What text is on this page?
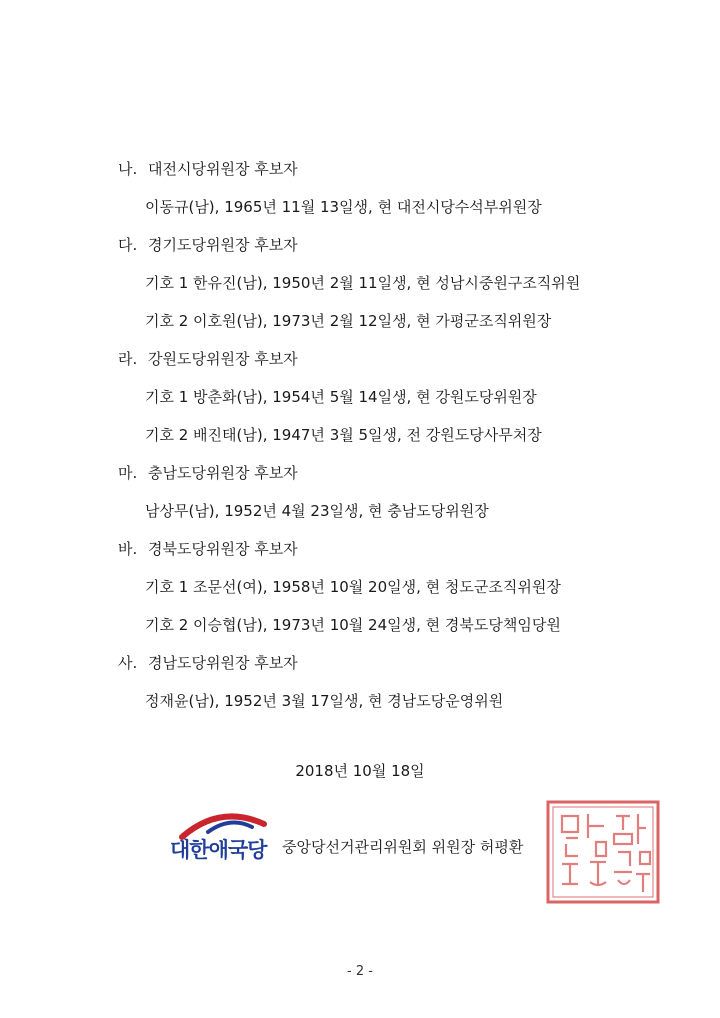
나. 대전시당위원장 후보자
이동규(남), 1965년 11월 13일생, 현 대전시당수석부위원장
다. 경기도당위원장 후보자
기호 1 한유진(남), 1950년 2월 11일생, 현 성남시중원구조직위원
기호 2 이호원(남), 1973년 2월 12일생, 현 가평군조직위원장
라. 강원도당위원장 후보자
기호 1 방춘화(남), 1954년 5월 14일생, 현 강원도당위원장
기호 2 배진태(남), 1947년 3월 5일생, 전 강원도당사무처장
마. 충남도당위원장 후보자
남상무(남), 1952년 4월 23일생, 현 충남도당위원장
바. 경북도당위원장 후보자
기호 1 조문선(여), 1958년 10월 20일생, 현 청도군조직위원장
기호 2 이승협(남), 1973년 10월 24일생, 현 경북도당책임당원
사. 경남도당위원장 후보자
정재윤(남), 1952년 3월 17일생, 현 경남도당운영위원
2018년 10월 18일
대한애국당 중앙당선거관리위원회 위원장 허평환
- 2 -
